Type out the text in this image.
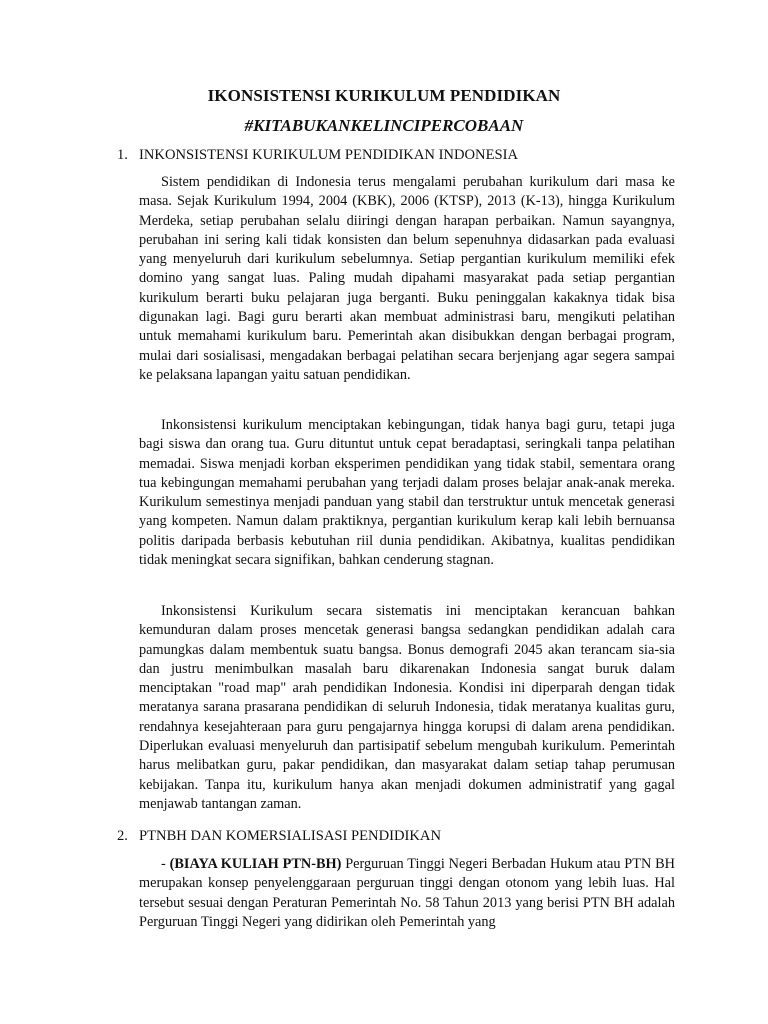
IKONSISTENSI KURIKULUM PENDIDIKAN
#KITABUKANKELINCIPERCOBAAN
1. INKONSISTENSI KURIKULUM PENDIDIKAN INDONESIA

Sistem pendidikan di Indonesia terus mengalami perubahan kurikulum dari masa ke masa. Sejak Kurikulum 1994, 2004 (KBK), 2006 (KTSP), 2013 (K-13), hingga Kurikulum Merdeka, setiap perubahan selalu diiringi dengan harapan perbaikan. Namun sayangnya, perubahan ini sering kali tidak konsisten dan belum sepenuhnya didasarkan pada evaluasi yang menyeluruh dari kurikulum sebelumnya. Setiap pergantian kurikulum memiliki efek domino yang sangat luas. Paling mudah dipahami masyarakat pada setiap pergantian kurikulum berarti buku pelajaran juga berganti. Buku peninggalan kakaknya tidak bisa digunakan lagi. Bagi guru berarti akan membuat administrasi baru, mengikuti pelatihan untuk memahami kurikulum baru. Pemerintah akan disibukkan dengan berbagai program, mulai dari sosialisasi, mengadakan berbagai pelatihan secara berjenjang agar segera sampai ke pelaksana lapangan yaitu satuan pendidikan.

Inkonsistensi kurikulum menciptakan kebingungan, tidak hanya bagi guru, tetapi juga bagi siswa dan orang tua. Guru dituntut untuk cepat beradaptasi, seringkali tanpa pelatihan memadai. Siswa menjadi korban eksperimen pendidikan yang tidak stabil, sementara orang tua kebingungan memahami perubahan yang terjadi dalam proses belajar anak-anak mereka. Kurikulum semestinya menjadi panduan yang stabil dan terstruktur untuk mencetak generasi yang kompeten. Namun dalam praktiknya, pergantian kurikulum kerap kali lebih bernuansa politis daripada berbasis kebutuhan riil dunia pendidikan. Akibatnya, kualitas pendidikan tidak meningkat secara signifikan, bahkan cenderung stagnan.

Inkonsistensi Kurikulum secara sistematis ini menciptakan kerancuan bahkan kemunduran dalam proses mencetak generasi bangsa sedangkan pendidikan adalah cara pamungkas dalam membentuk suatu bangsa. Bonus demografi 2045 akan terancam sia-sia dan justru menimbulkan masalah baru dikarenakan Indonesia sangat buruk dalam menciptakan "road map" arah pendidikan Indonesia. Kondisi ini diperparah dengan tidak meratanya sarana prasarana pendidikan di seluruh Indonesia, tidak meratanya kualitas guru, rendahnya kesejahteraan para guru pengajarnya hingga korupsi di dalam arena pendidikan. Diperlukan evaluasi menyeluruh dan partisipatif sebelum mengubah kurikulum. Pemerintah harus melibatkan guru, pakar pendidikan, dan masyarakat dalam setiap tahap perumusan kebijakan. Tanpa itu, kurikulum hanya akan menjadi dokumen administratif yang gagal menjawab tantangan zaman.

2. PTNBH DAN KOMERSIALISASI PENDIDIKAN

- (BIAYA KULIAH PTN-BH) Perguruan Tinggi Negeri Berbadan Hukum atau PTN BH merupakan konsep penyelenggaraan perguruan tinggi dengan otonom yang lebih luas. Hal tersebut sesuai dengan Peraturan Pemerintah No. 58 Tahun 2013 yang berisi PTN BH adalah Perguruan Tinggi Negeri yang didirikan oleh Pemerintah yang
